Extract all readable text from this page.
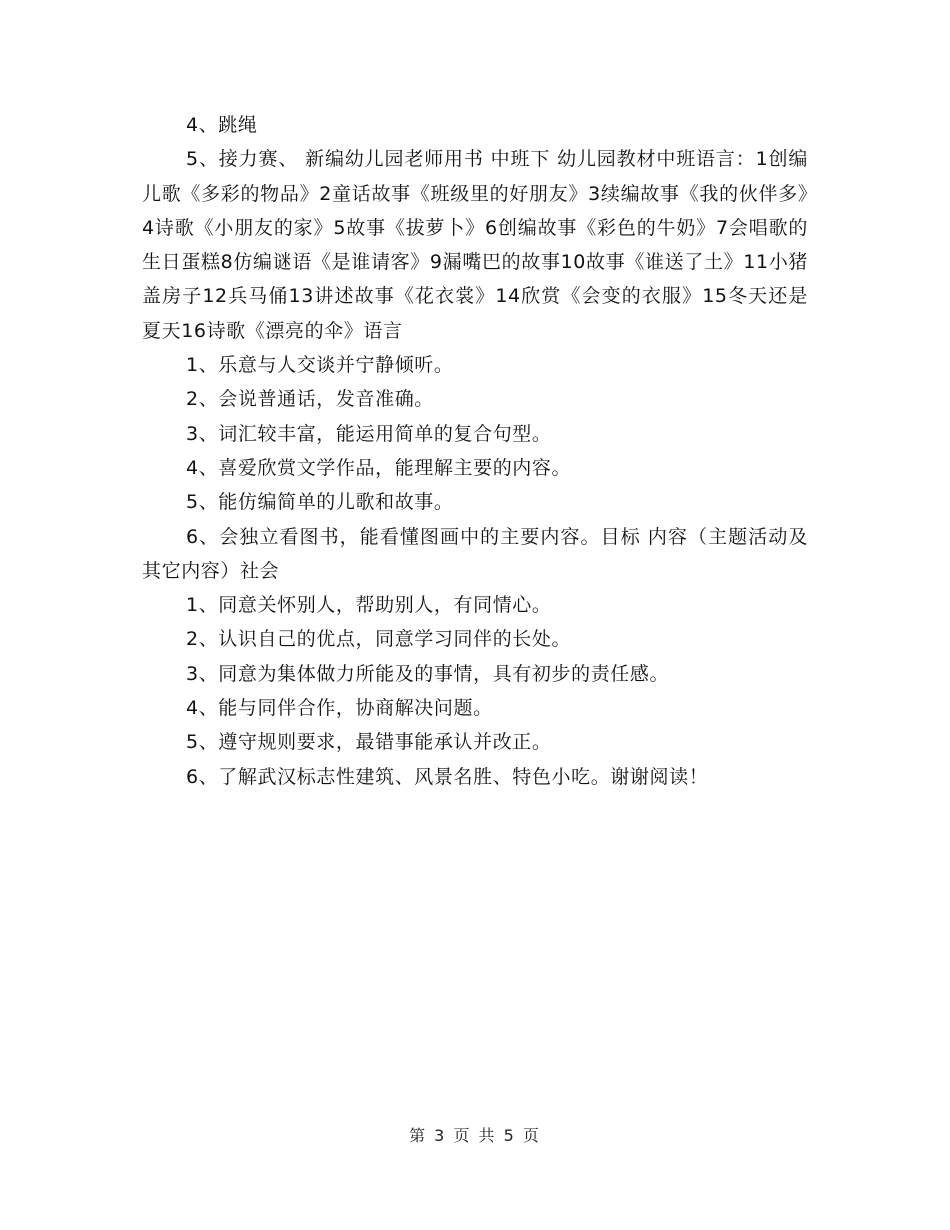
4、跳绳

5、接力赛、 新编幼儿园老师用书 中班下 幼儿园教材中班语言：1创编儿歌《多彩的物品》2童话故事《班级里的好朋友》3续编故事《我的伙伴多》4诗歌《小朋友的家》5故事《拔萝卜》6创编故事《彩色的牛奶》7会唱歌的生日蛋糕8仿编谜语《是谁请客》9漏嘴巴的故事10故事《谁送了土》11小猪盖房子12兵马俑13讲述故事《花衣裳》14欣赏《会变的衣服》15冬天还是夏天16诗歌《漂亮的伞》语言

1、乐意与人交谈并宁静倾听。

2、会说普通话，发音准确。

3、词汇较丰富，能运用简单的复合句型。

4、喜爱欣赏文学作品，能理解主要的内容。

5、能仿编简单的儿歌和故事。

6、会独立看图书，能看懂图画中的主要内容。目标 内容（主题活动及其它内容）社会

1、同意关怀别人，帮助别人，有同情心。

2、认识自己的优点，同意学习同伴的长处。

3、同意为集体做力所能及的事情，具有初步的责任感。

4、能与同伴合作，协商解决问题。

5、遵守规则要求，最错事能承认并改正。

6、了解武汉标志性建筑、风景名胜、特色小吃。谢谢阅读！

第 3 页 共 5 页
